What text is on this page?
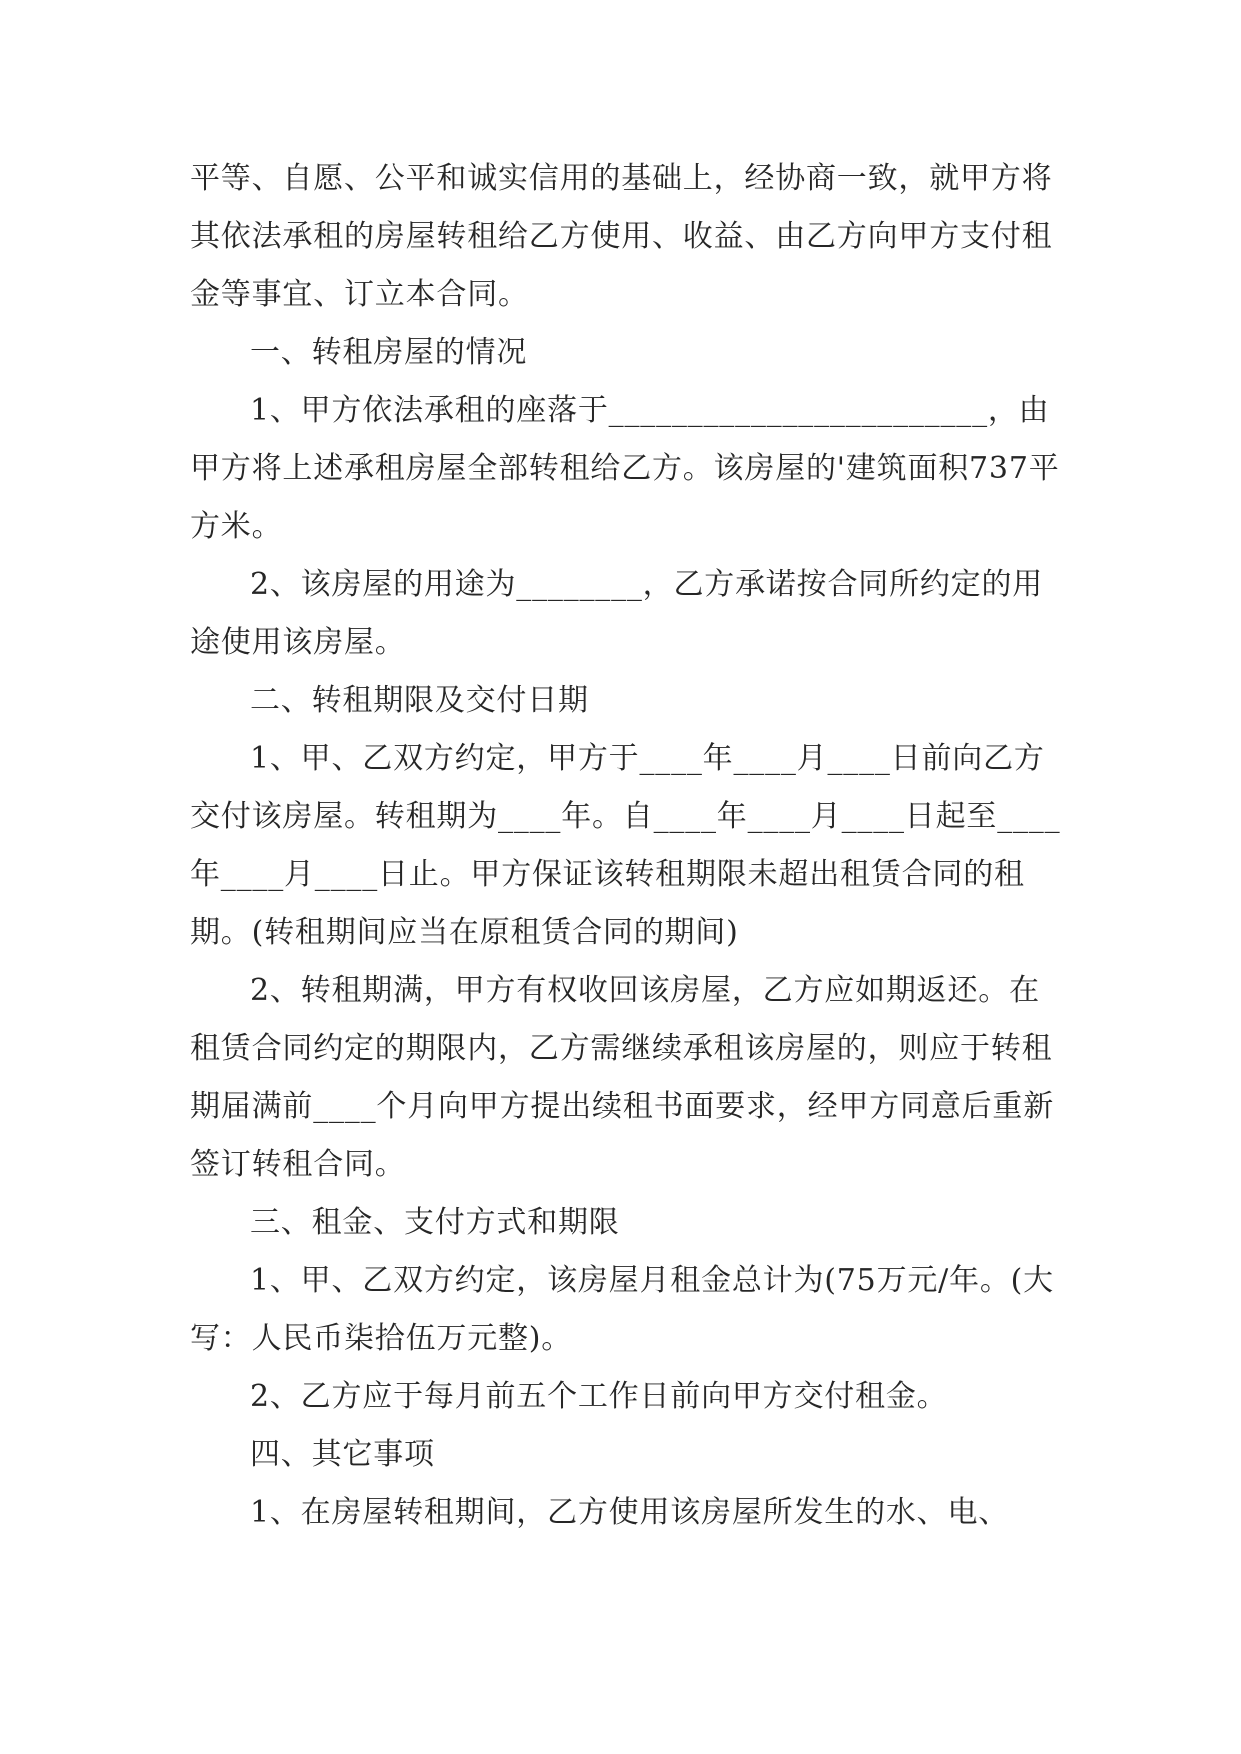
平等、自愿、公平和诚实信用的基础上，经协商一致，就甲方将其依法承租的房屋转租给乙方使用、收益、由乙方向甲方支付租金等事宜、订立本合同。

一、转租房屋的情况

1、甲方依法承租的座落于________________________，由甲方将上述承租房屋全部转租给乙方。该房屋的'建筑面积737平方米。

2、该房屋的用途为________，乙方承诺按合同所约定的用途使用该房屋。

二、转租期限及交付日期

1、甲、乙双方约定，甲方于____年____月____日前向乙方交付该房屋。转租期为____年。自____年____月____日起至____年____月____日止。甲方保证该转租期限未超出租赁合同的租期。(转租期间应当在原租赁合同的期间)

2、转租期满，甲方有权收回该房屋，乙方应如期返还。在租赁合同约定的期限内，乙方需继续承租该房屋的，则应于转租期届满前____个月向甲方提出续租书面要求，经甲方同意后重新签订转租合同。

三、租金、支付方式和期限

1、甲、乙双方约定，该房屋月租金总计为(75万元/年。(大写：人民币柒拾伍万元整)。

2、乙方应于每月前五个工作日前向甲方交付租金。

四、其它事项

1、在房屋转租期间，乙方使用该房屋所发生的水、电、
